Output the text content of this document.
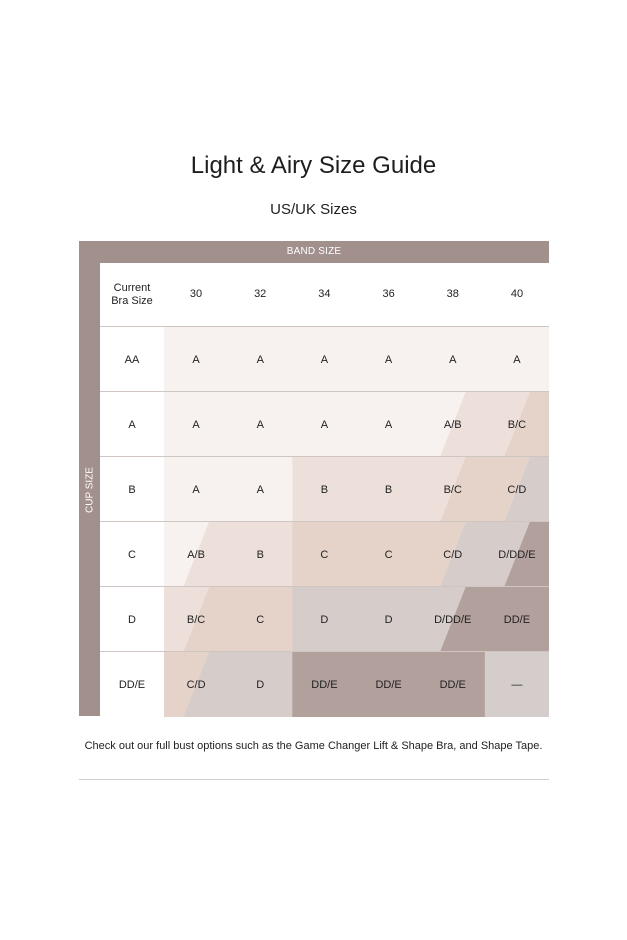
Light & Airy Size Guide
US/UK Sizes
BAND SIZE
CUP SIZE
Current
Bra Size
30	32	34	36	38	40
AA	A	A	A	A	A	A
A	A	A	A	A	A/B	B/C
B	A	A	B	B	B/C	C/D
C	A/B	B	C	C	C/D	D/DD/E
D	B/C	C	D	D	D/DD/E	DD/E
DD/E	C/D	D	DD/E	DD/E	DD/E	—
Check out our full bust options such as the Game Changer Lift & Shape Bra, and Shape Tape.
